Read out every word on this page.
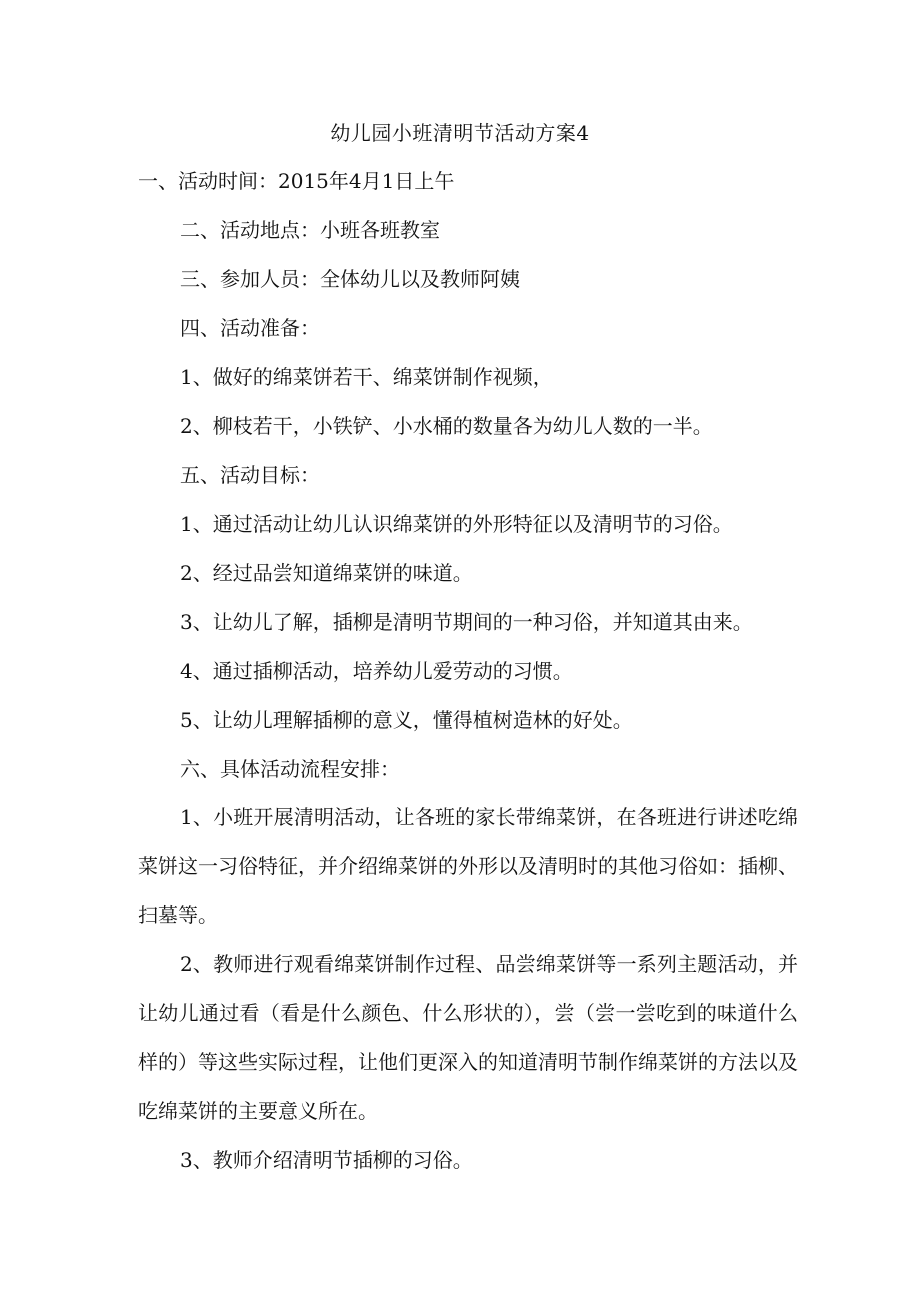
幼儿园小班清明节活动方案4
一、活动时间：2015年4月1日上午
二、活动地点：小班各班教室
三、参加人员：全体幼儿以及教师阿姨
四、活动准备：
1、做好的绵菜饼若干、绵菜饼制作视频，
2、柳枝若干，小铁铲、小水桶的数量各为幼儿人数的一半。
五、活动目标：
1、通过活动让幼儿认识绵菜饼的外形特征以及清明节的习俗。
2、经过品尝知道绵菜饼的味道。
3、让幼儿了解，插柳是清明节期间的一种习俗，并知道其由来。
4、通过插柳活动，培养幼儿爱劳动的习惯。
5、让幼儿理解插柳的意义，懂得植树造林的好处。
六、具体活动流程安排：
1、小班开展清明活动，让各班的家长带绵菜饼，在各班进行讲述吃绵菜饼这一习俗特征，并介绍绵菜饼的外形以及清明时的其他习俗如：插柳、扫墓等。
2、教师进行观看绵菜饼制作过程、品尝绵菜饼等一系列主题活动，并让幼儿通过看（看是什么颜色、什么形状的），尝（尝一尝吃到的味道什么样的）等这些实际过程，让他们更深入的知道清明节制作绵菜饼的方法以及吃绵菜饼的主要意义所在。
3、教师介绍清明节插柳的习俗。
